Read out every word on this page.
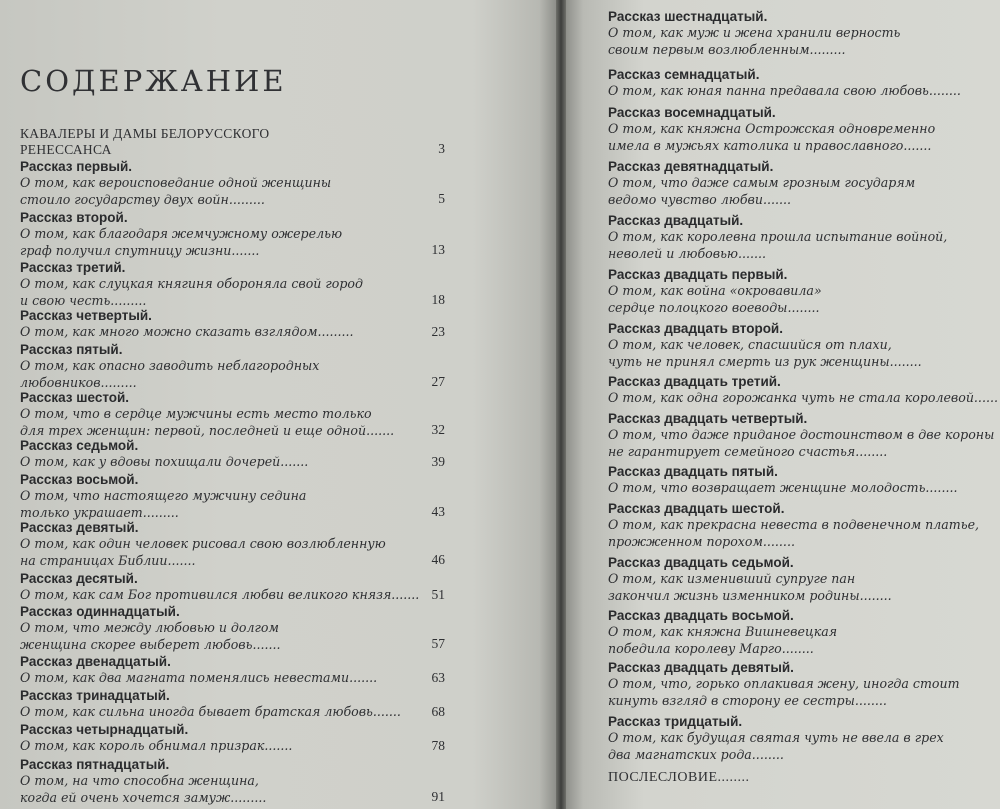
СОДЕРЖАНИЕ
КАВАЛЕРЫ И ДАМЫ БЕЛОРУССКОГО
РЕНЕССАНСА	3
Рассказ первый.
О том, как вероисповедание одной женщины
стоило государству двух войн.........	5
Рассказ второй.
О том, как благодаря жемчужному ожерелью
граф получил спутницу жизни.......	13
Рассказ третий.
О том, как слуцкая княгиня обороняла свой город
и свою честь.........	18
Рассказ четвертый.
О том, как много можно сказать взглядом.........	23
Рассказ пятый.
О том, как опасно заводить неблагородных
любовников.........	27
Рассказ шестой.
О том, что в сердце мужчины есть место только
для трех женщин: первой, последней и еще одной.......	32
Рассказ седьмой.
О том, как у вдовы похищали дочерей.......	39
Рассказ восьмой.
О том, что настоящего мужчину седина
только украшает.........	43
Рассказ девятый.
О том, как один человек рисовал свою возлюбленную
на страницах Библии.......	46
Рассказ десятый.
О том, как сам Бог противился любви великого князя....... 51
Рассказ одиннадцатый.
О том, что между любовью и долгом
женщина скорее выберет любовь.......	57
Рассказ двенадцатый.
О том, как два магната поменялись невестами.......	63
Рассказ тринадцатый.
О том, как сильна иногда бывает братская любовь.......	68
Рассказ четырнадцатый.
О том, как король обнимал призрак.......	78
Рассказ пятнадцатый.
О том, на что способна женщина,
когда ей очень хочется замуж.........	91
Рассказ шестнадцатый.
О том, как муж и жена хранили верность
своим первым возлюбленным.........
Рассказ семнадцатый.
О том, как юная панна предавала свою любовь........
Рассказ восемнадцатый.
О том, как княжна Острожская одновременно
имела в мужьях католика и православного.......
Рассказ девятнадцатый.
О том, что даже самым грозным государям
ведомо чувство любви.......
Рассказ двадцатый.
О том, как королевна прошла испытание войной,
неволей и любовью.......
Рассказ двадцать первый.
О том, как война «окровавила»
сердце полоцкого воеводы........
Рассказ двадцать второй.
О том, как человек, спасшийся от плахи,
чуть не принял смерть из рук женщины........
Рассказ двадцать третий.
О том, как одна горожанка чуть не стала королевой......
Рассказ двадцать четвертый.
О том, что даже приданое достоинством в две короны
не гарантирует семейного счастья........
Рассказ двадцать пятый.
О том, что возвращает женщине молодость........
Рассказ двадцать шестой.
О том, как прекрасна невеста в подвенечном платье,
прожженном порохом........
Рассказ двадцать седьмой.
О том, как изменивший супруге пан
закончил жизнь изменником родины........
Рассказ двадцать восьмой.
О том, как княжна Вишневецкая
победила королеву Марго........
Рассказ двадцать девятый.
О том, что, горько оплакивая жену, иногда стоит
кинуть взгляд в сторону ее сестры........
Рассказ тридцатый.
О том, как будущая святая чуть не ввела в грех
два магнатских рода........
ПОСЛЕСЛОВИЕ........
